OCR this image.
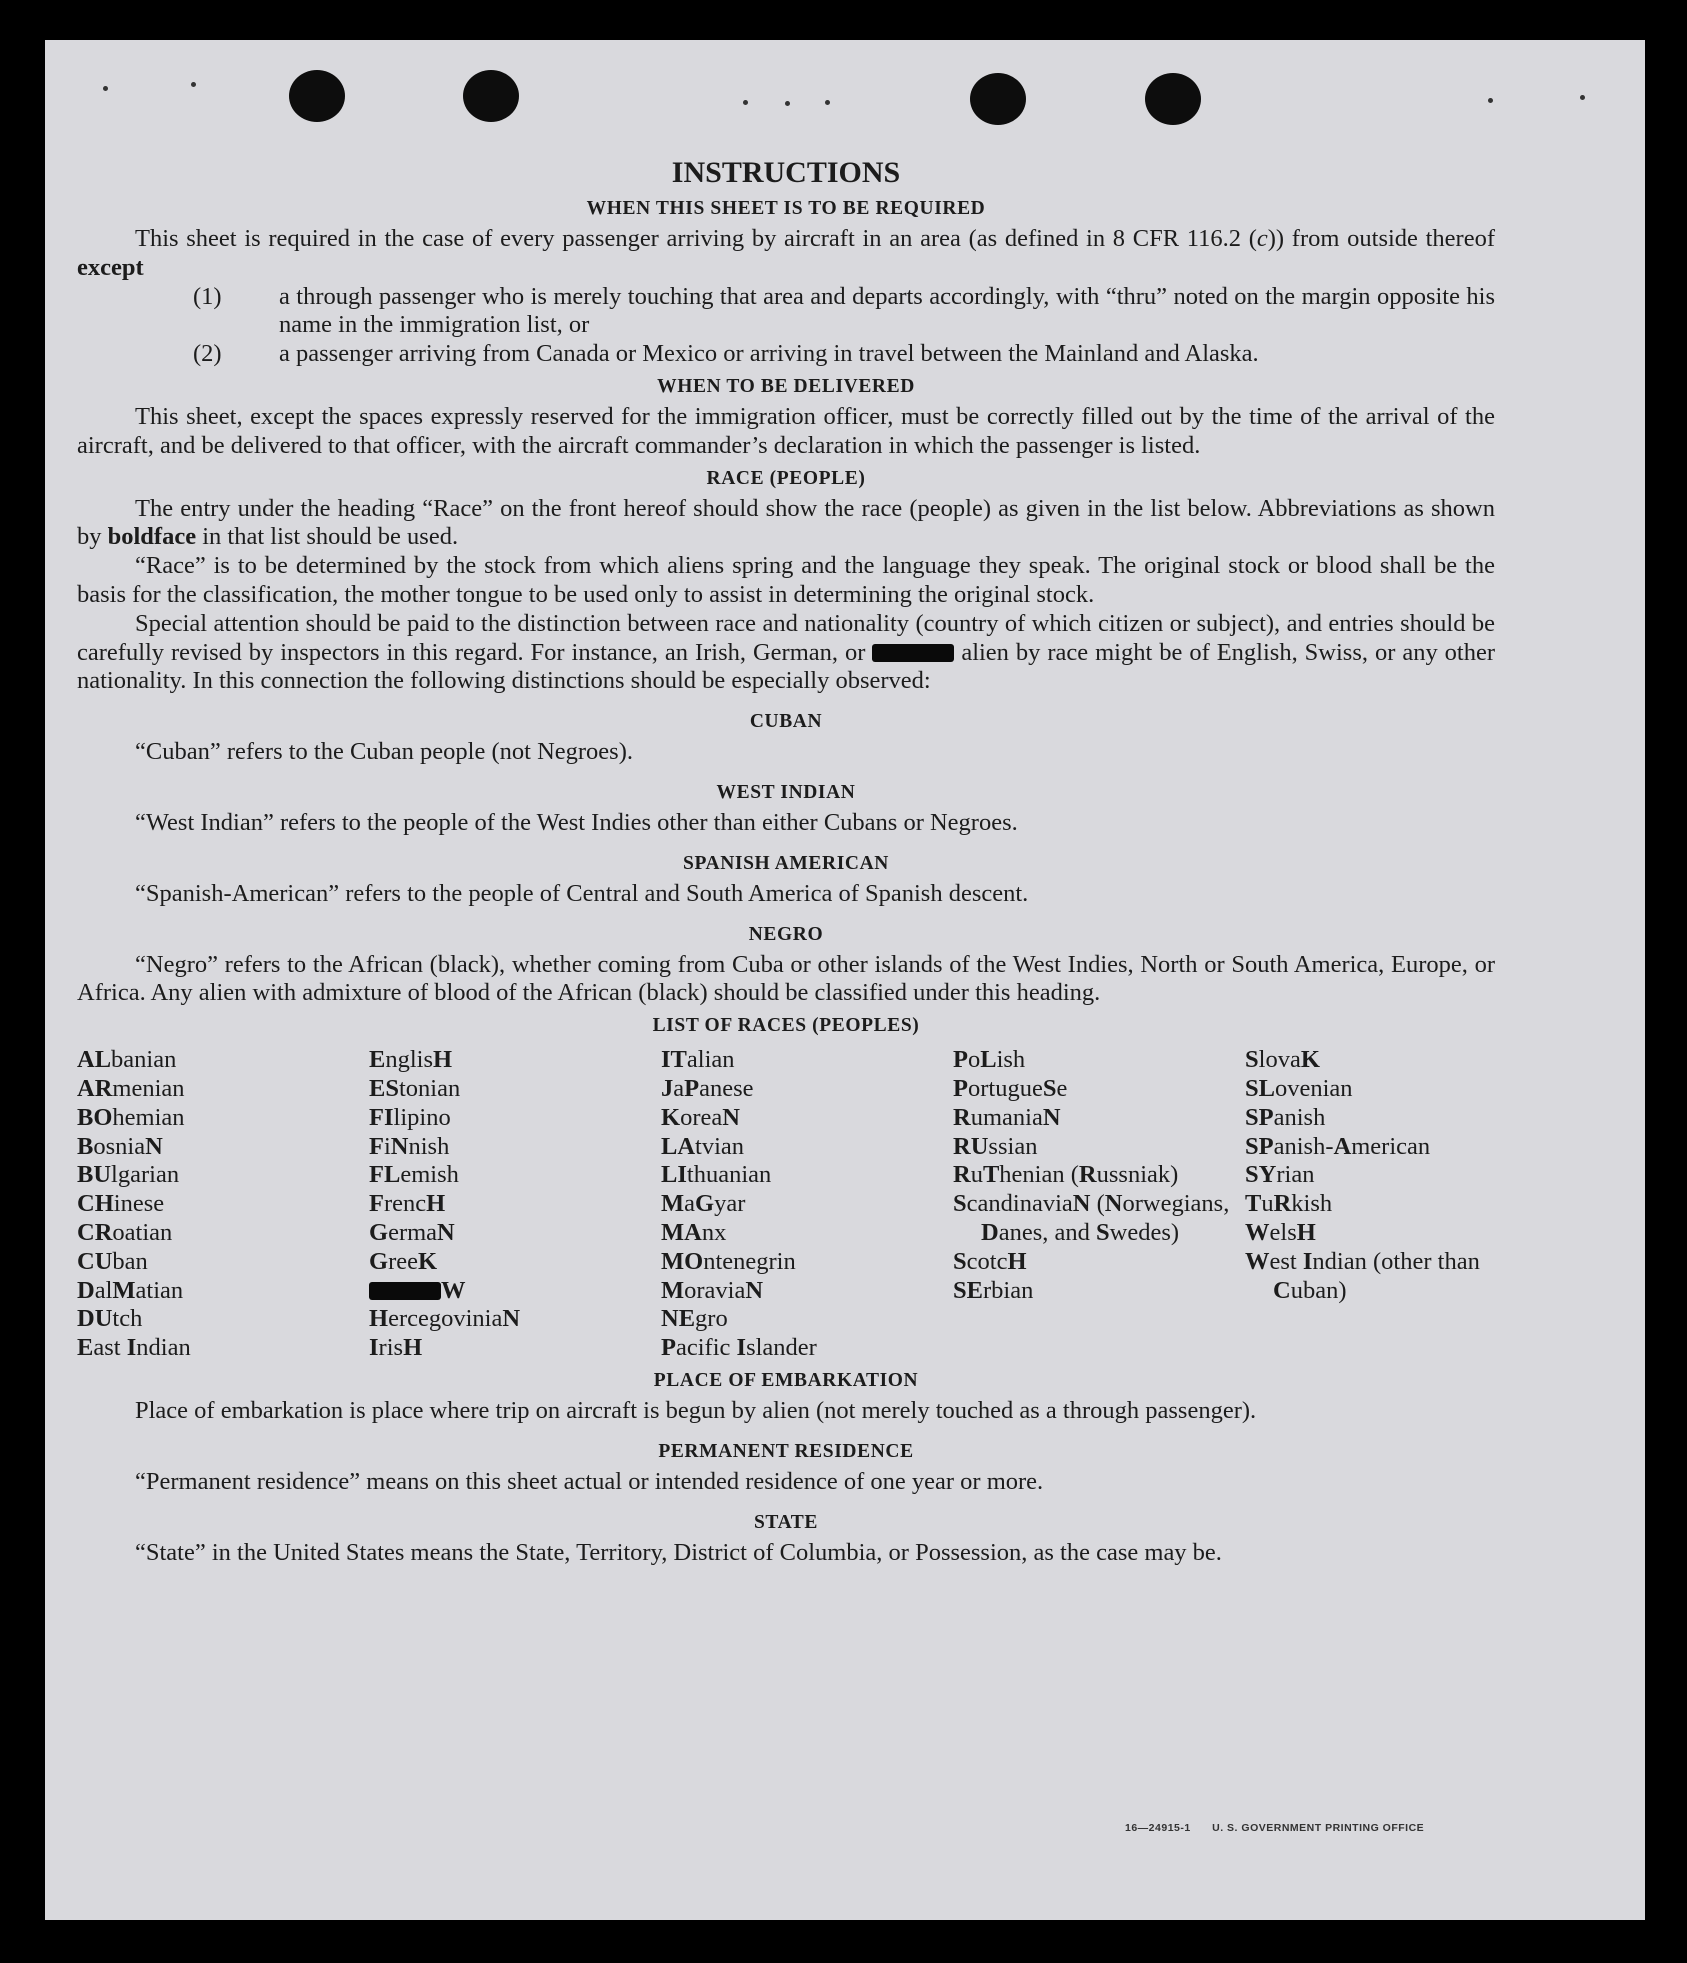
INSTRUCTIONS
WHEN THIS SHEET IS TO BE REQUIRED

This sheet is required in the case of every passenger arriving by aircraft in an area (as defined in 8 CFR 116.2 (c)) from outside thereof except

(1) a through passenger who is merely touching that area and departs accordingly, with “thru” noted on the margin opposite his name in the immigration list, or
(2) a passenger arriving from Canada or Mexico or arriving in travel between the Mainland and Alaska.
WHEN TO BE DELIVERED

This sheet, except the spaces expressly reserved for the immigration officer, must be correctly filled out by the time of the arrival of the aircraft, and be delivered to that officer, with the aircraft commander’s declaration in which the passenger is listed.

RACE (PEOPLE)

The entry under the heading “Race” on the front hereof should show the race (people) as given in the list below. Abbreviations as shown by boldface in that list should be used.

“Race” is to be determined by the stock from which aliens spring and the language they speak. The original stock or blood shall be the basis for the classification, the mother tongue to be used only to assist in determining the original stock.

Special attention should be paid to the distinction between race and nationality (country of which citizen or subject), and entries should be carefully revised by inspectors in this regard. For instance, an Irish, German, or	alien by race might be of English, Swiss, or any other nationality. In this connection the following distinctions should be especially observed:

CUBAN

“Cuban” refers to the Cuban people (not Negroes).

WEST INDIAN

“West Indian” refers to the people of the West Indies other than either Cubans or Negroes.

SPANISH AMERICAN

“Spanish-American” refers to the people of Central and South America of Spanish descent.

NEGRO

“Negro” refers to the African (black), whether coming from Cuba or other islands of the West Indies, North or South America, Europe, or Africa. Any alien with admixture of blood of the African (black) should be classified under this heading.

LIST OF RACES (PEOPLES)
ALbanian
ARmenian
BOhemian
BosniaN
BUlgarian
CHinese
CRoatian
CUban
DalMatian
DUtch
East Indian
EnglisH
EStonian
FIlipino
FiNnish
FLemish
FrencH
GermaN
GreeK
W
HercegoviniaN
IrisH
ITalian
JaPanese
KoreaN
LAtvian
LIthuanian
MaGyar
MAnx
MOntenegrin
MoraviaN
NEgro
Pacific Islander
PoLish
PortugueSe
RumaniaN
RUssian
RuThenian (Russniak)
ScandinaviaN (Norwegians, Danes, and Swedes)
ScotcH
SErbian
SlovaK
SLovenian
SPanish
SPanish-American
SYrian
TuRkish
WelsH
West Indian (other than Cuban)
PLACE OF EMBARKATION

Place of embarkation is place where trip on aircraft is begun by alien (not merely touched as a through passenger).

PERMANENT RESIDENCE

“Permanent residence” means on this sheet actual or intended residence of one year or more.

STATE

“State” in the United States means the State, Territory, District of Columbia, or Possession, as the case may be.

16—24915-1 U. S. GOVERNMENT PRINTING OFFICE
